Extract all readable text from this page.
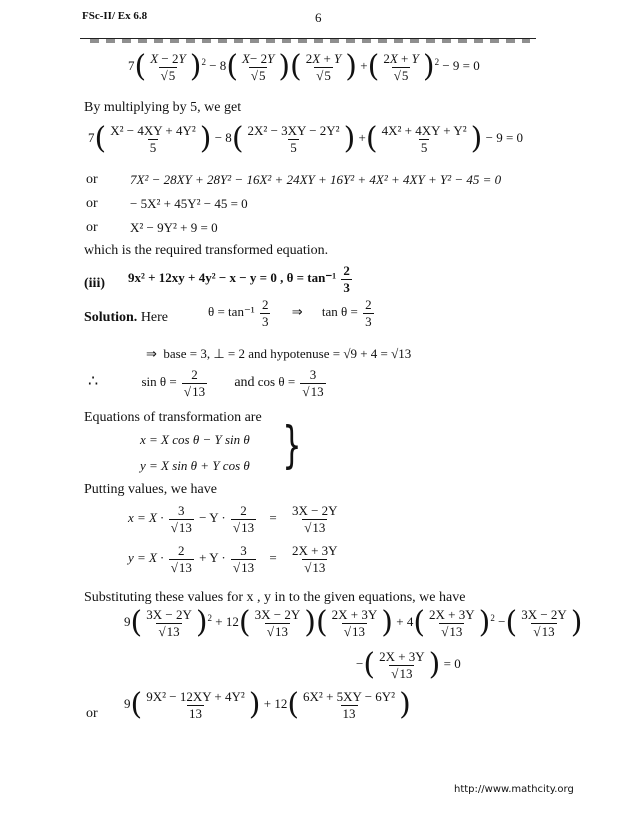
FSc-II/ Ex 6.8	6
$7( \frac{X - 2Y}{√5} )^2 - 8( \frac{X- 2Y}{√5}$ )( $\frac{2X + Y}{√5}$ ) +( $\frac{2X + Y}{√5} )^2 - 9 = 0$
By multiplying by 5, we get
$7( \frac{\text{X² − 4XY + 4Y²}}{5}$ ) − $8( \frac{\text{2X² − 3XY − 2Y²}}{5}$ ) +( $\frac{\text{4X² + 4XY + Y²}}{5}$ ) − 9 = 0
or 7X² − 28XY + 28Y² − 16X² + 24XY + 16Y² + 4X² + 4XY + Y² − 45 = 0
or − 5X² + 45Y² − 45 = 0
or X² − 9Y² + 9 = 0
which is the required transformed equation.
(iii) 9x² + 12xy + 4y² − x − y = 0 , $\theta = \tan^{-1} \frac{2}{3}$
Solution. Here	$\theta = \tan^{-1} \frac{2}{3}$ ⇒ $\tan \theta = \frac{2}{3}$
⇒ base = 3, ⊥ = 2 and hypotenuse = √9 + 4 = √13
∴	$\sin \theta = \frac{2}{√13}$ and $\cos \theta = \frac{3}{√13}$
Equations of transformation are
x = X cos θ − Y sin θ
y = X sin θ + Y cos θ }
Putting values, we have
$x = X \cdot \frac{3}{√13} - Y \cdot \frac{2}{√13} = \frac{3X - 2Y}{√13}$
$y = X \cdot \frac{2}{√13} + Y \cdot \frac{3}{√13} = \frac{2X + 3Y}{√13}$
Substituting these values for x , y in to the given equations, we have
$9( \frac{3X - 2Y}{√13} )^2 + 12( \frac{3X - 2Y}{√13}$ )( $\frac{2X + 3Y}{√13}$ ) + $4( \frac{2X + 3Y}{√13} )^2$ −( $\frac{3X - 2Y}{√13}$ )
−( $\frac{2X + 3Y}{√13}$ ) = 0
or
$9( \frac{\text{9X² − 12XY + 4Y²}}{13}$ ) + $12( \frac{\text{6X² + 5XY − 6Y²}}{13}$ )
http://www.mathcity.org
